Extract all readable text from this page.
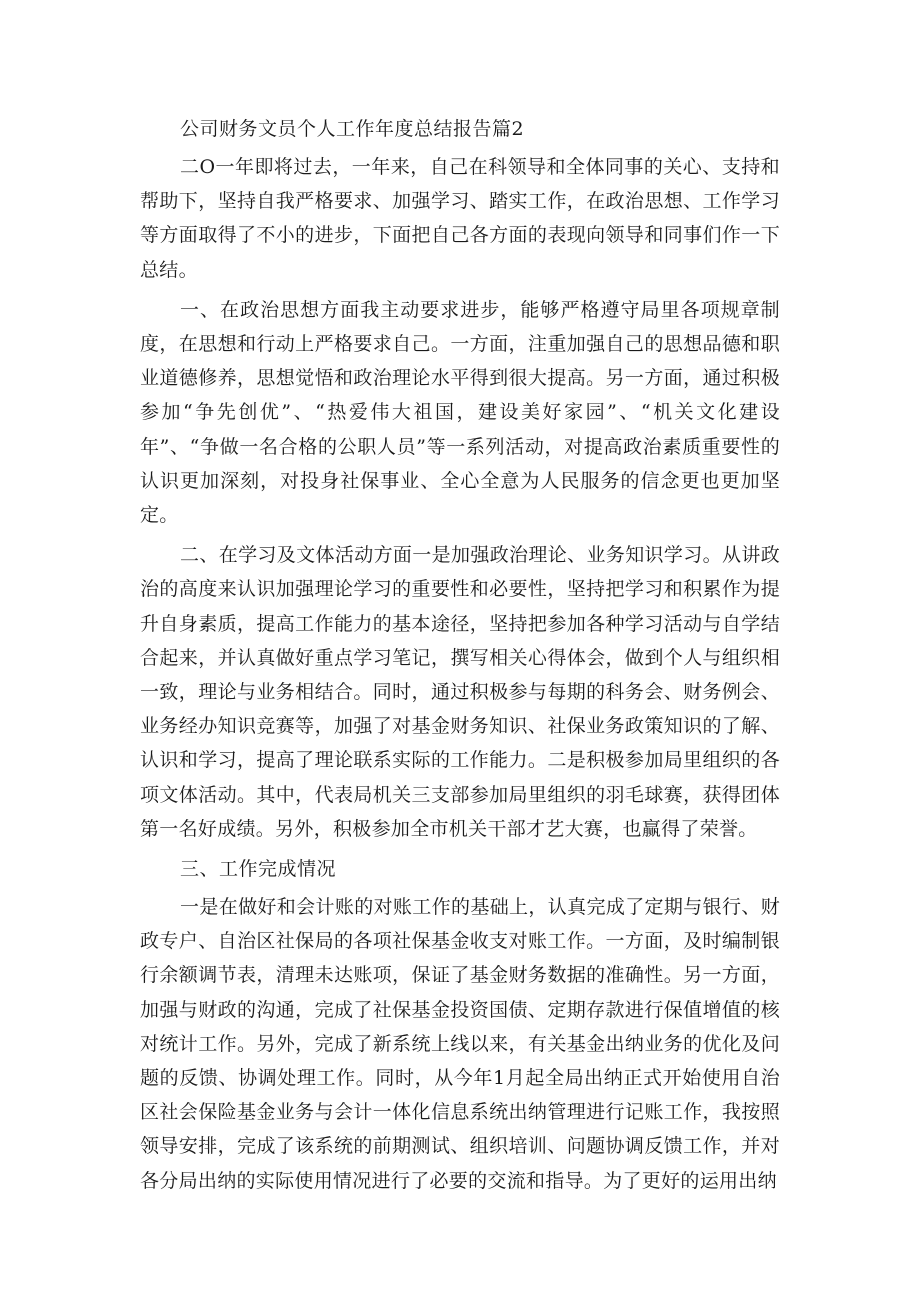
公司财务文员个人工作年度总结报告篇2

二O一年即将过去，一年来，自己在科领导和全体同事的关心、支持和帮助下，坚持自我严格要求、加强学习、踏实工作，在政治思想、工作学习等方面取得了不小的进步，下面把自己各方面的表现向领导和同事们作一下总结。

一、在政治思想方面我主动要求进步，能够严格遵守局里各项规章制度，在思想和行动上严格要求自己。一方面，注重加强自己的思想品德和职业道德修养，思想觉悟和政治理论水平得到很大提高。另一方面，通过积极参加“争先创优”、“热爱伟大祖国，建设美好家园”、“机关文化建设年”、“争做一名合格的公职人员”等一系列活动，对提高政治素质重要性的认识更加深刻，对投身社保事业、全心全意为人民服务的信念更也更加坚定。

二、在学习及文体活动方面一是加强政治理论、业务知识学习。从讲政治的高度来认识加强理论学习的重要性和必要性，坚持把学习和积累作为提升自身素质，提高工作能力的基本途径，坚持把参加各种学习活动与自学结合起来，并认真做好重点学习笔记，撰写相关心得体会，做到个人与组织相一致，理论与业务相结合。同时，通过积极参与每期的科务会、财务例会、业务经办知识竞赛等，加强了对基金财务知识、社保业务政策知识的了解、认识和学习，提高了理论联系实际的工作能力。二是积极参加局里组织的各项文体活动。其中，代表局机关三支部参加局里组织的羽毛球赛，获得团体第一名好成绩。另外，积极参加全市机关干部才艺大赛，也赢得了荣誉。

三、工作完成情况

一是在做好和会计账的对账工作的基础上，认真完成了定期与银行、财政专户、自治区社保局的各项社保基金收支对账工作。一方面，及时编制银行余额调节表，清理未达账项，保证了基金财务数据的准确性。另一方面，加强与财政的沟通，完成了社保基金投资国债、定期存款进行保值增值的核对统计工作。另外，完成了新系统上线以来，有关基金出纳业务的优化及问题的反馈、协调处理工作。同时，从今年1月起全局出纳正式开始使用自治区社会保险基金业务与会计一体化信息系统出纳管理进行记账工作，我按照领导安排，完成了该系统的前期测试、组织培训、问题协调反馈工作，并对各分局出纳的实际使用情况进行了必要的交流和指导。为了更好的运用出纳
